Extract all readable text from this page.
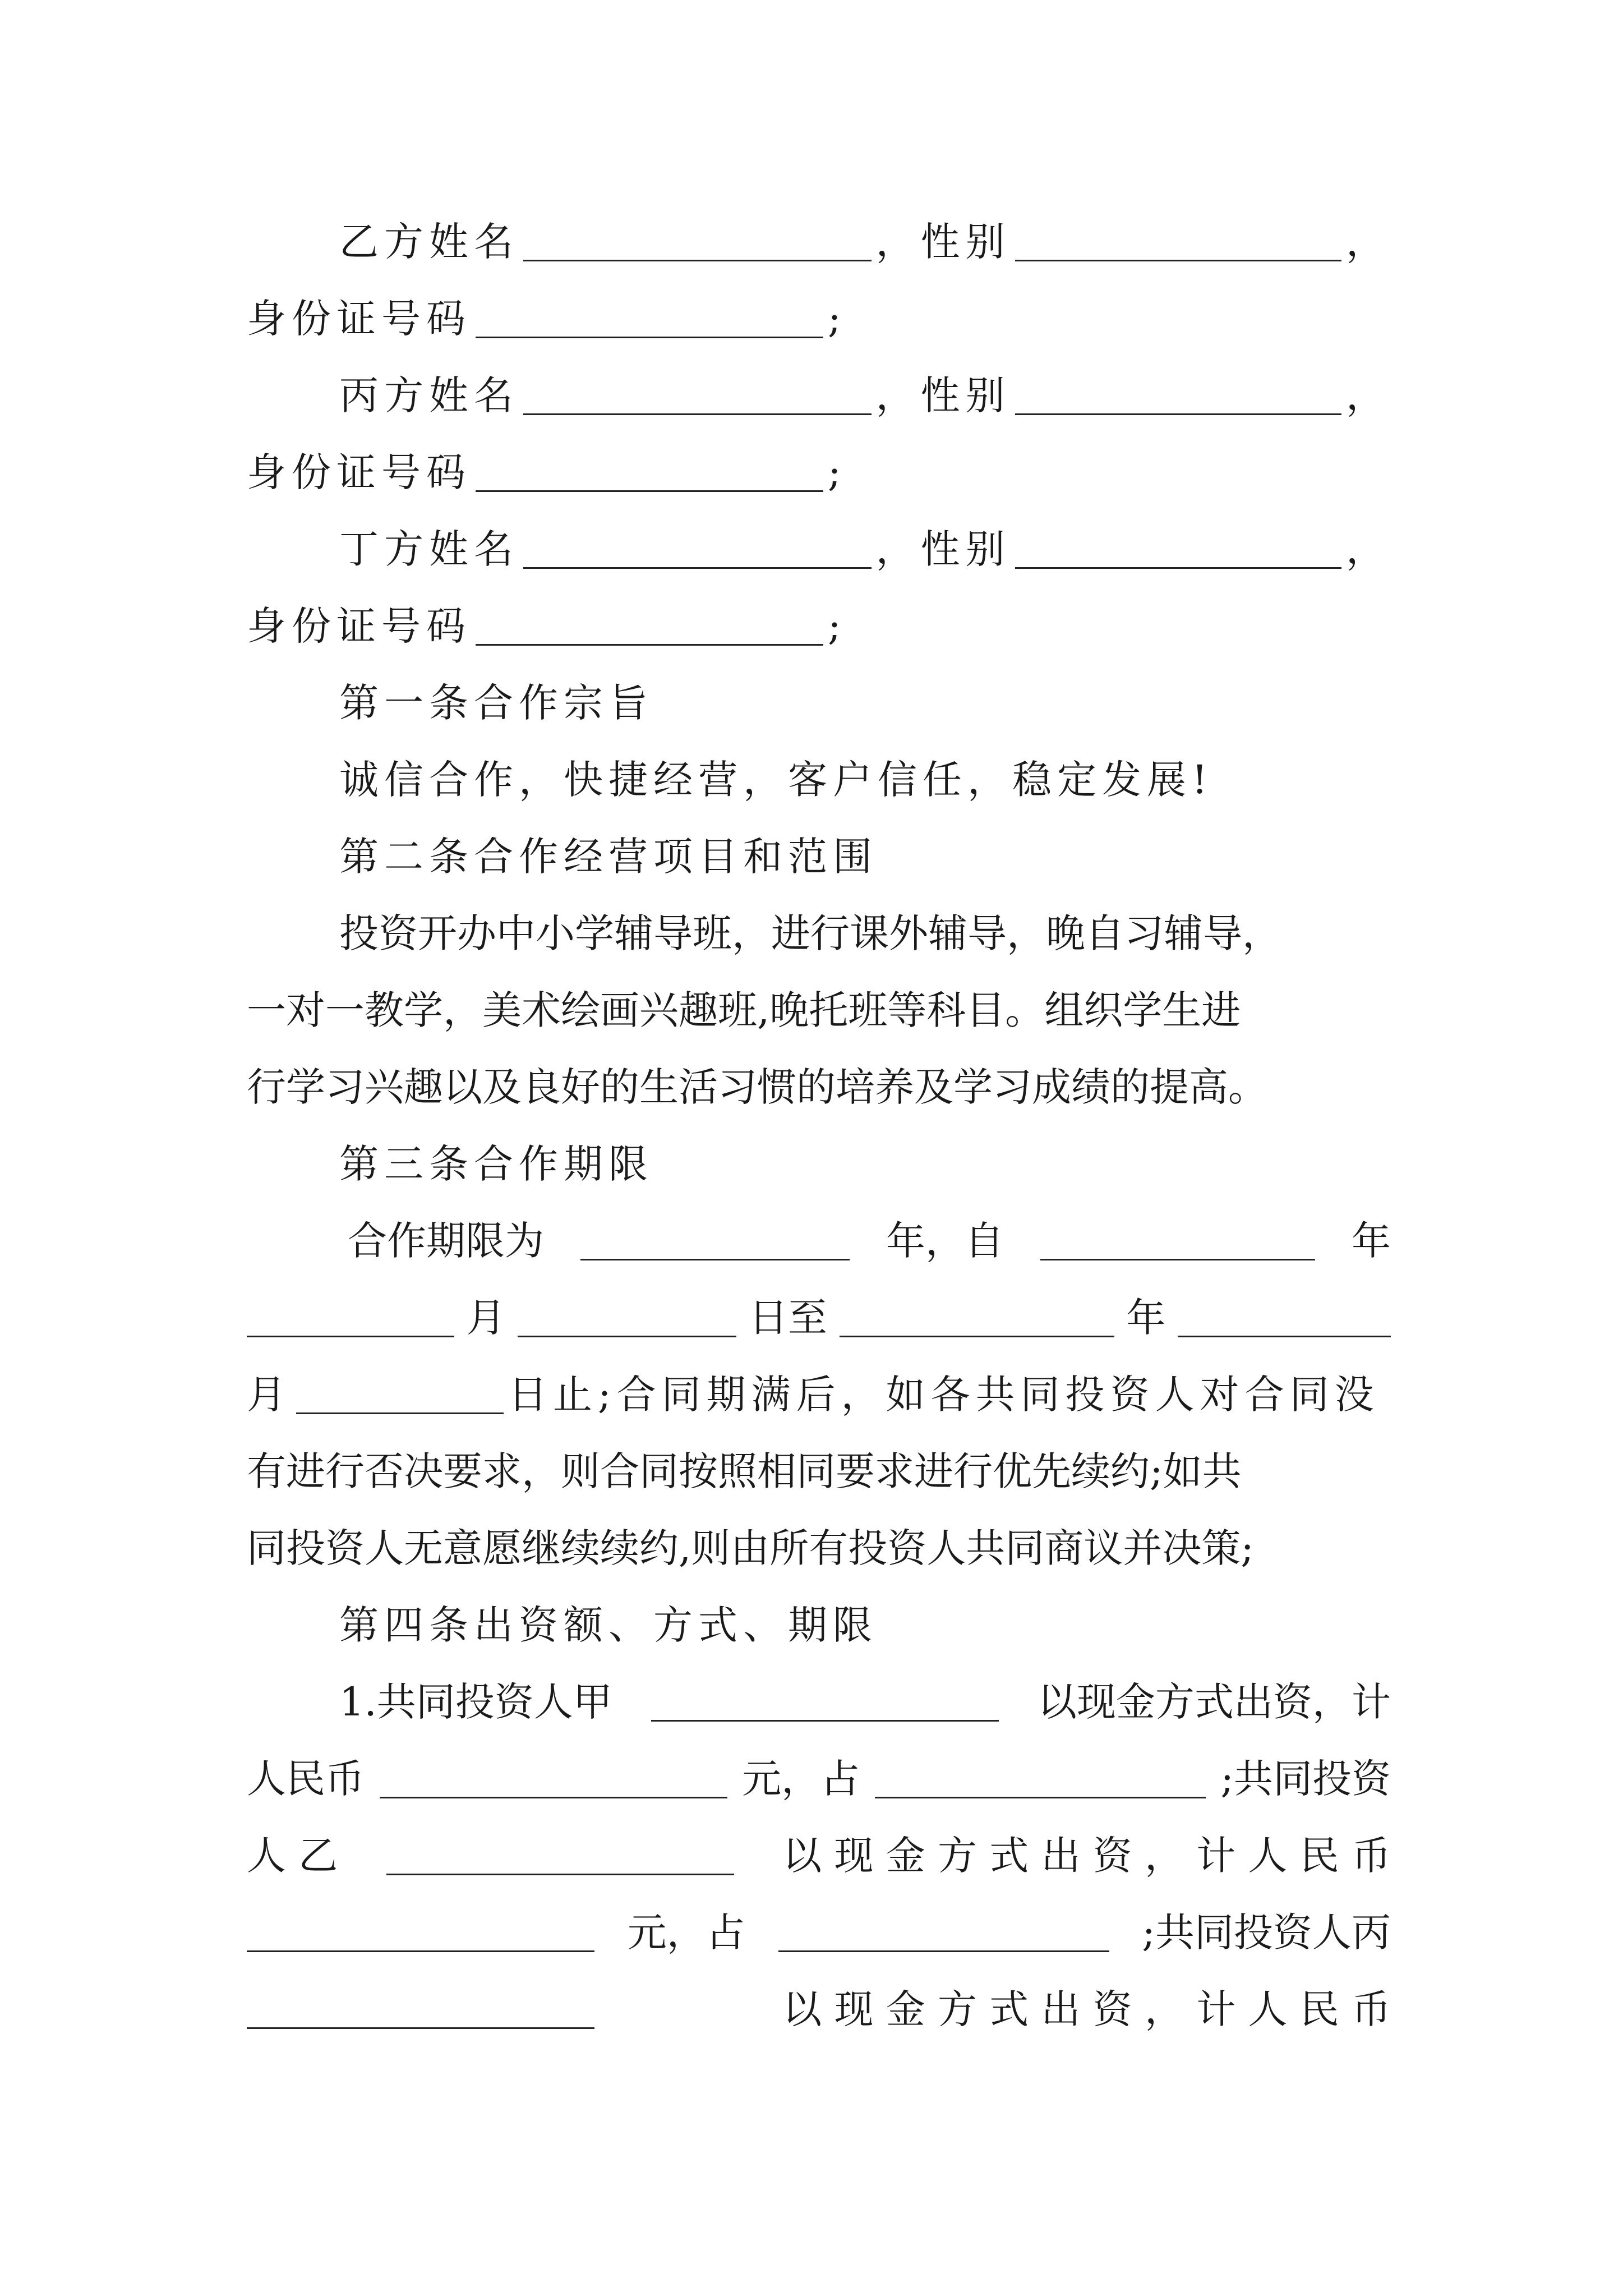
乙方姓名	，性别	，
身份证号码	;
丙方姓名	，性别	，
身份证号码	;
丁方姓名	，性别	，
身份证号码	;
第一条合作宗旨
诚信合作，快捷经营，客户信任，稳定发展!
第二条合作经营项目和范围
投资开办中小学辅导班，进行课外辅导，晚自习辅导，
一对一教学，美术绘画兴趣班,晚托班等科目。组织学生进
行学习兴趣以及良好的生活习惯的培养及学习成绩的提高。
第三条合作期限
合作期限为	年，自	年
月	日至	年
月	日止;合同期满后，如各共同投资人对合同没
有进行否决要求，则合同按照相同要求进行优先续约;如共
同投资人无意愿继续续约,则由所有投资人共同商议并决策;
第四条出资额、方式、期限
1.共同投资人甲	以现金方式出资，计
人民币	元，占	;共同投资
人 乙	以 现 金 方 式 出 资 ， 计 人 民 币
元，占	;共同投资人丙
以 现 金 方 式 出 资 ， 计 人 民 币
